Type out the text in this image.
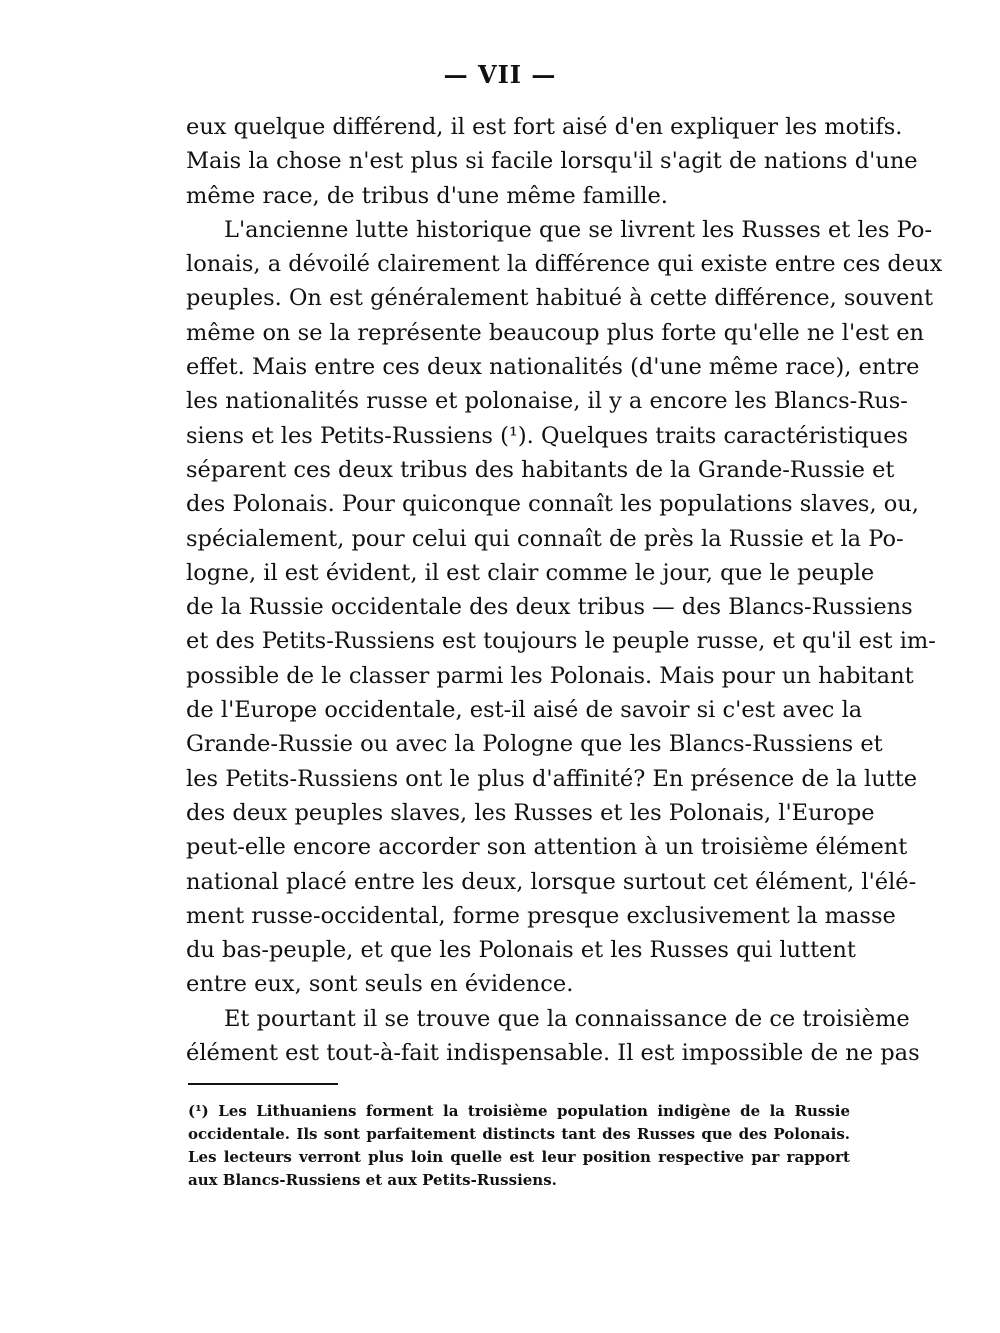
— VII —
eux quelque différend, il est fort aisé d'en expliquer les motifs.
Mais la chose n'est plus si facile lorsqu'il s'agit de nations d'une
même race, de tribus d'une même famille.
L'ancienne lutte historique que se livrent les Russes et les Po-
lonais, a dévoilé clairement la différence qui existe entre ces deux
peuples. On est généralement habitué à cette différence, souvent
même on se la représente beaucoup plus forte qu'elle ne l'est en
effet. Mais entre ces deux nationalités (d'une même race), entre
les nationalités russe et polonaise, il y a encore les Blancs-Rus-
siens et les Petits-Russiens (¹). Quelques traits caractéristiques
séparent ces deux tribus des habitants de la Grande-Russie et
des Polonais. Pour quiconque connaît les populations slaves, ou,
spécialement, pour celui qui connaît de près la Russie et la Po-
logne, il est évident, il est clair comme le jour, que le peuple
de la Russie occidentale des deux tribus — des Blancs-Russiens
et des Petits-Russiens est toujours le peuple russe, et qu'il est im-
possible de le classer parmi les Polonais. Mais pour un habitant
de l'Europe occidentale, est-il aisé de savoir si c'est avec la
Grande-Russie ou avec la Pologne que les Blancs-Russiens et
les Petits-Russiens ont le plus d'affinité? En présence de la lutte
des deux peuples slaves, les Russes et les Polonais, l'Europe
peut-elle encore accorder son attention à un troisième élément
national placé entre les deux, lorsque surtout cet élément, l'élé-
ment russe-occidental, forme presque exclusivement la masse
du bas-peuple, et que les Polonais et les Russes qui luttent
entre eux, sont seuls en évidence.
Et pourtant il se trouve que la connaissance de ce troisième
élément est tout-à-fait indispensable. Il est impossible de ne pas
(¹) Les Lithuaniens forment la troisième population indigène de la Russie
occidentale. Ils sont parfaitement distincts tant des Russes que des Polonais.
Les lecteurs verront plus loin quelle est leur position respective par rapport
aux Blancs-Russiens et aux Petits-Russiens.
